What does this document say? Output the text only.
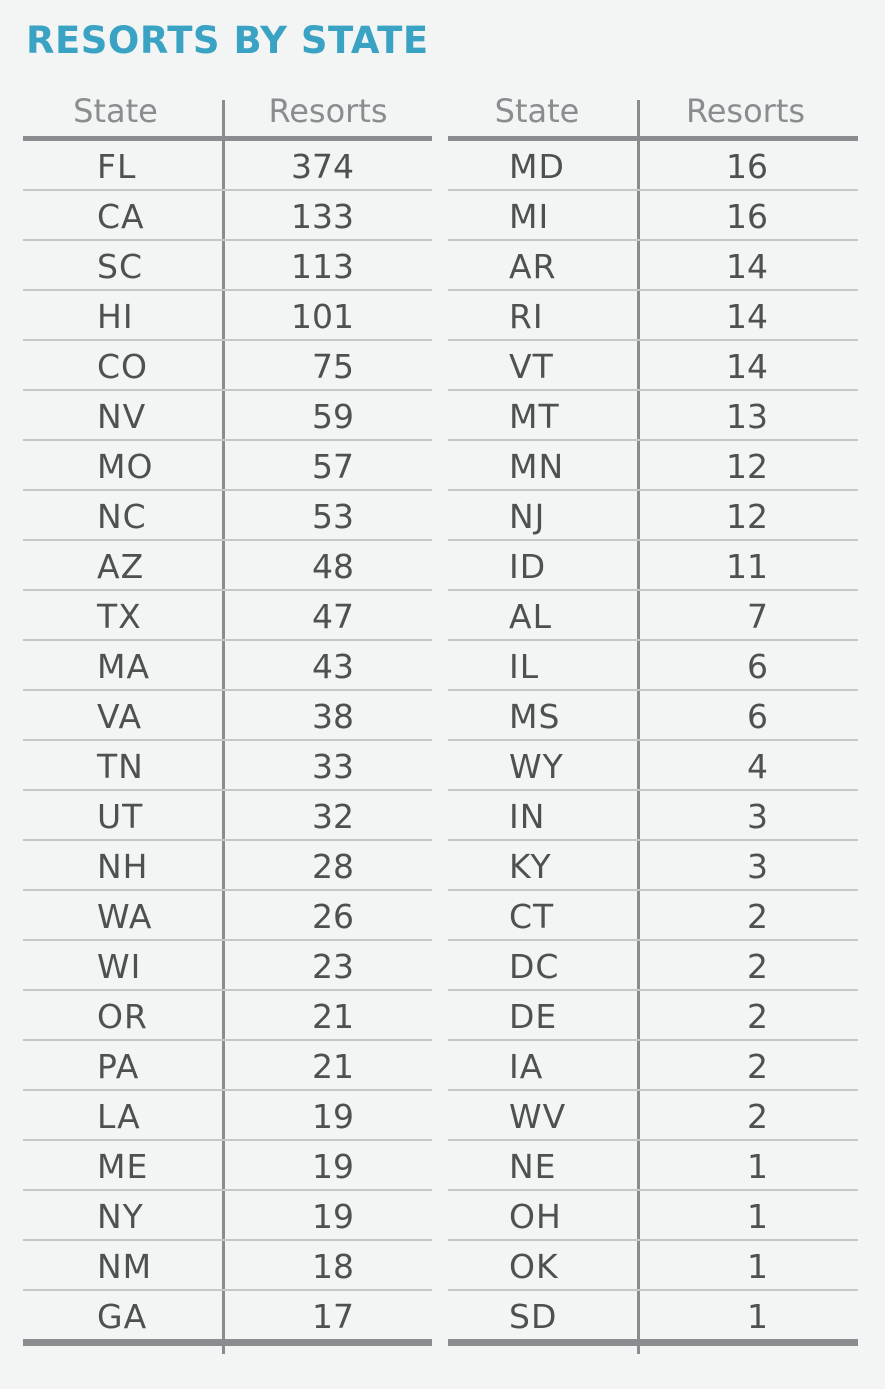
RESORTS BY STATE
State	Resorts
FL	374
CA	133
SC	113
HI	101
CO	75
NV	59
MO	57
NC	53
AZ	48
TX	47
MA	43
VA	38
TN	33
UT	32
NH	28
WA	26
WI	23
OR	21
PA	21
LA	19
ME	19
NY	19
NM	18
GA	17
State	Resorts
MD	16
MI	16
AR	14
RI	14
VT	14
MT	13
MN	12
NJ	12
ID	11
AL	7
IL	6
MS	6
WY	4
IN	3
KY	3
CT	2
DC	2
DE	2
IA	2
WV	2
NE	1
OH	1
OK	1
SD	1
